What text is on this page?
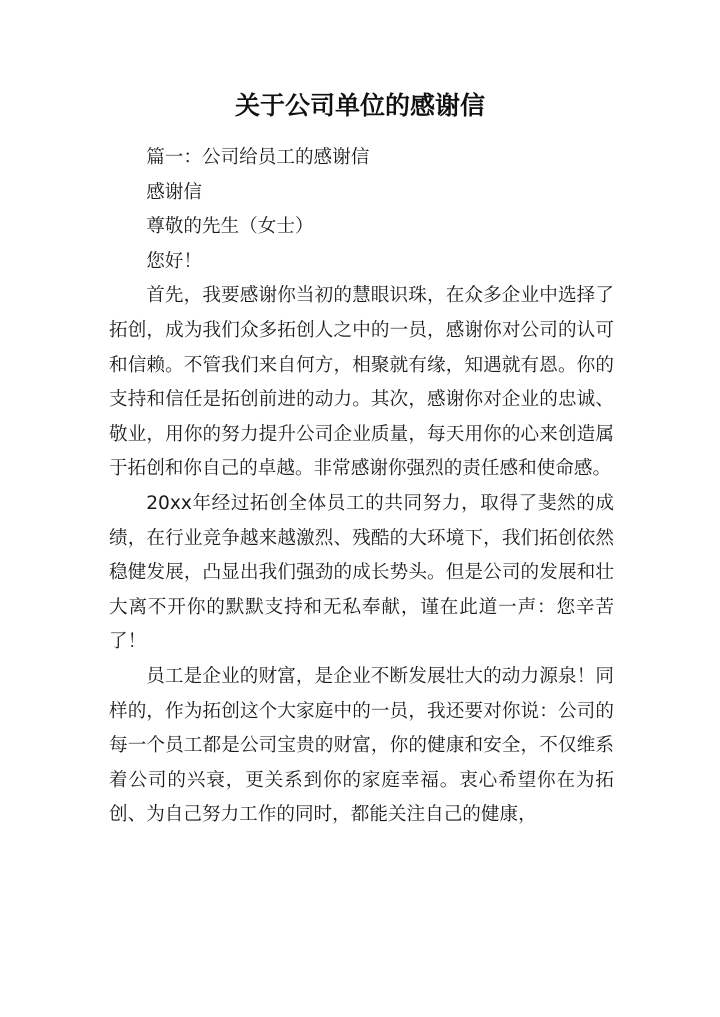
关于公司单位的感谢信

篇一：公司给员工的感谢信

感谢信

尊敬的先生（女士）

您好！

首先，我要感谢你当初的慧眼识珠，在众多企业中选择了拓创，成为我们众多拓创人之中的一员，感谢你对公司的认可和信赖。不管我们来自何方，相聚就有缘，知遇就有恩。你的支持和信任是拓创前进的动力。其次，感谢你对企业的忠诚、敬业，用你的努力提升公司企业质量，每天用你的心来创造属于拓创和你自己的卓越。非常感谢你强烈的责任感和使命感。

20xx年经过拓创全体员工的共同努力，取得了斐然的成绩，在行业竞争越来越激烈、残酷的大环境下，我们拓创依然稳健发展，凸显出我们强劲的成长势头。但是公司的发展和壮大离不开你的默默支持和无私奉献，谨在此道一声：您辛苦了！

员工是企业的财富，是企业不断发展壮大的动力源泉！同样的，作为拓创这个大家庭中的一员，我还要对你说：公司的每一个员工都是公司宝贵的财富，你的健康和安全，不仅维系着公司的兴衰，更关系到你的家庭幸福。衷心希望你在为拓创、为自己努力工作的同时，都能关注自己的健康，
